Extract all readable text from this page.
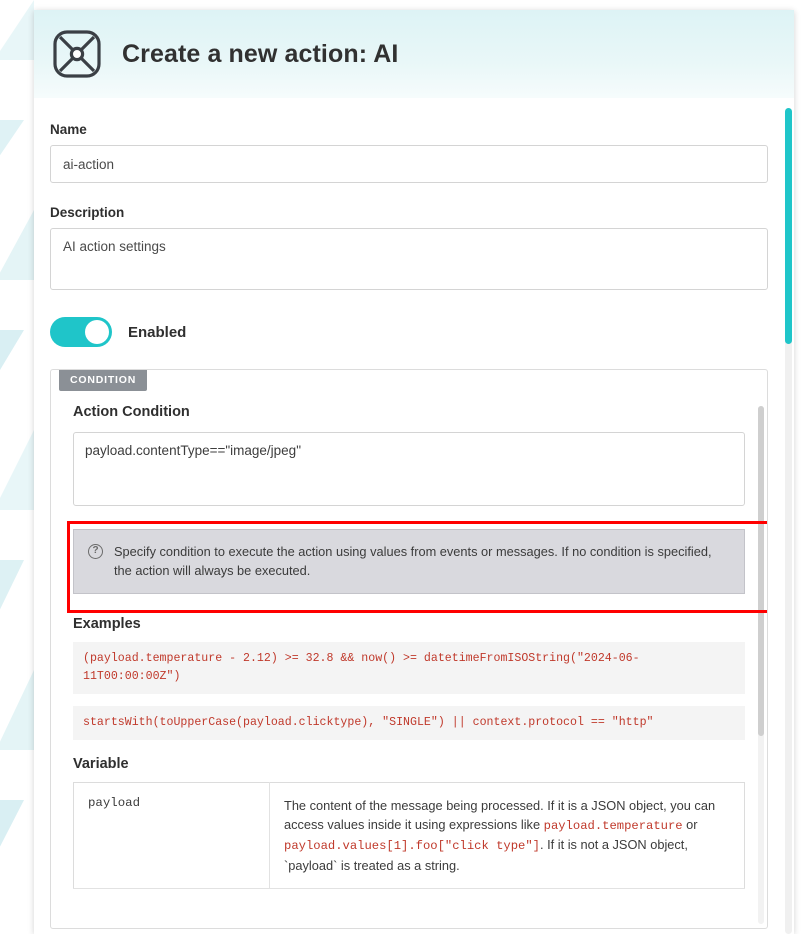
Create a new action: AI
Name
ai-action
Description
AI action settings
Enabled
CONDITION
Action Condition
payload.contentType=="image/jpeg"
?	Specify condition to execute the action using values from events or messages. If no condition is specified, the action will always be executed.
Examples
(payload.temperature - 2.12) >= 32.8 && now() >= datetimeFromISOString("2024-06-11T00:00:00Z")
startsWith(toUpperCase(payload.clicktype), "SINGLE") || context.protocol == "http"
Variable
payload	The content of the message being processed. If it is a JSON object, you can access values inside it using expressions like payload.temperature or payload.values[1].foo["click type"]. If it is not a JSON object, `payload` is treated as a string.
